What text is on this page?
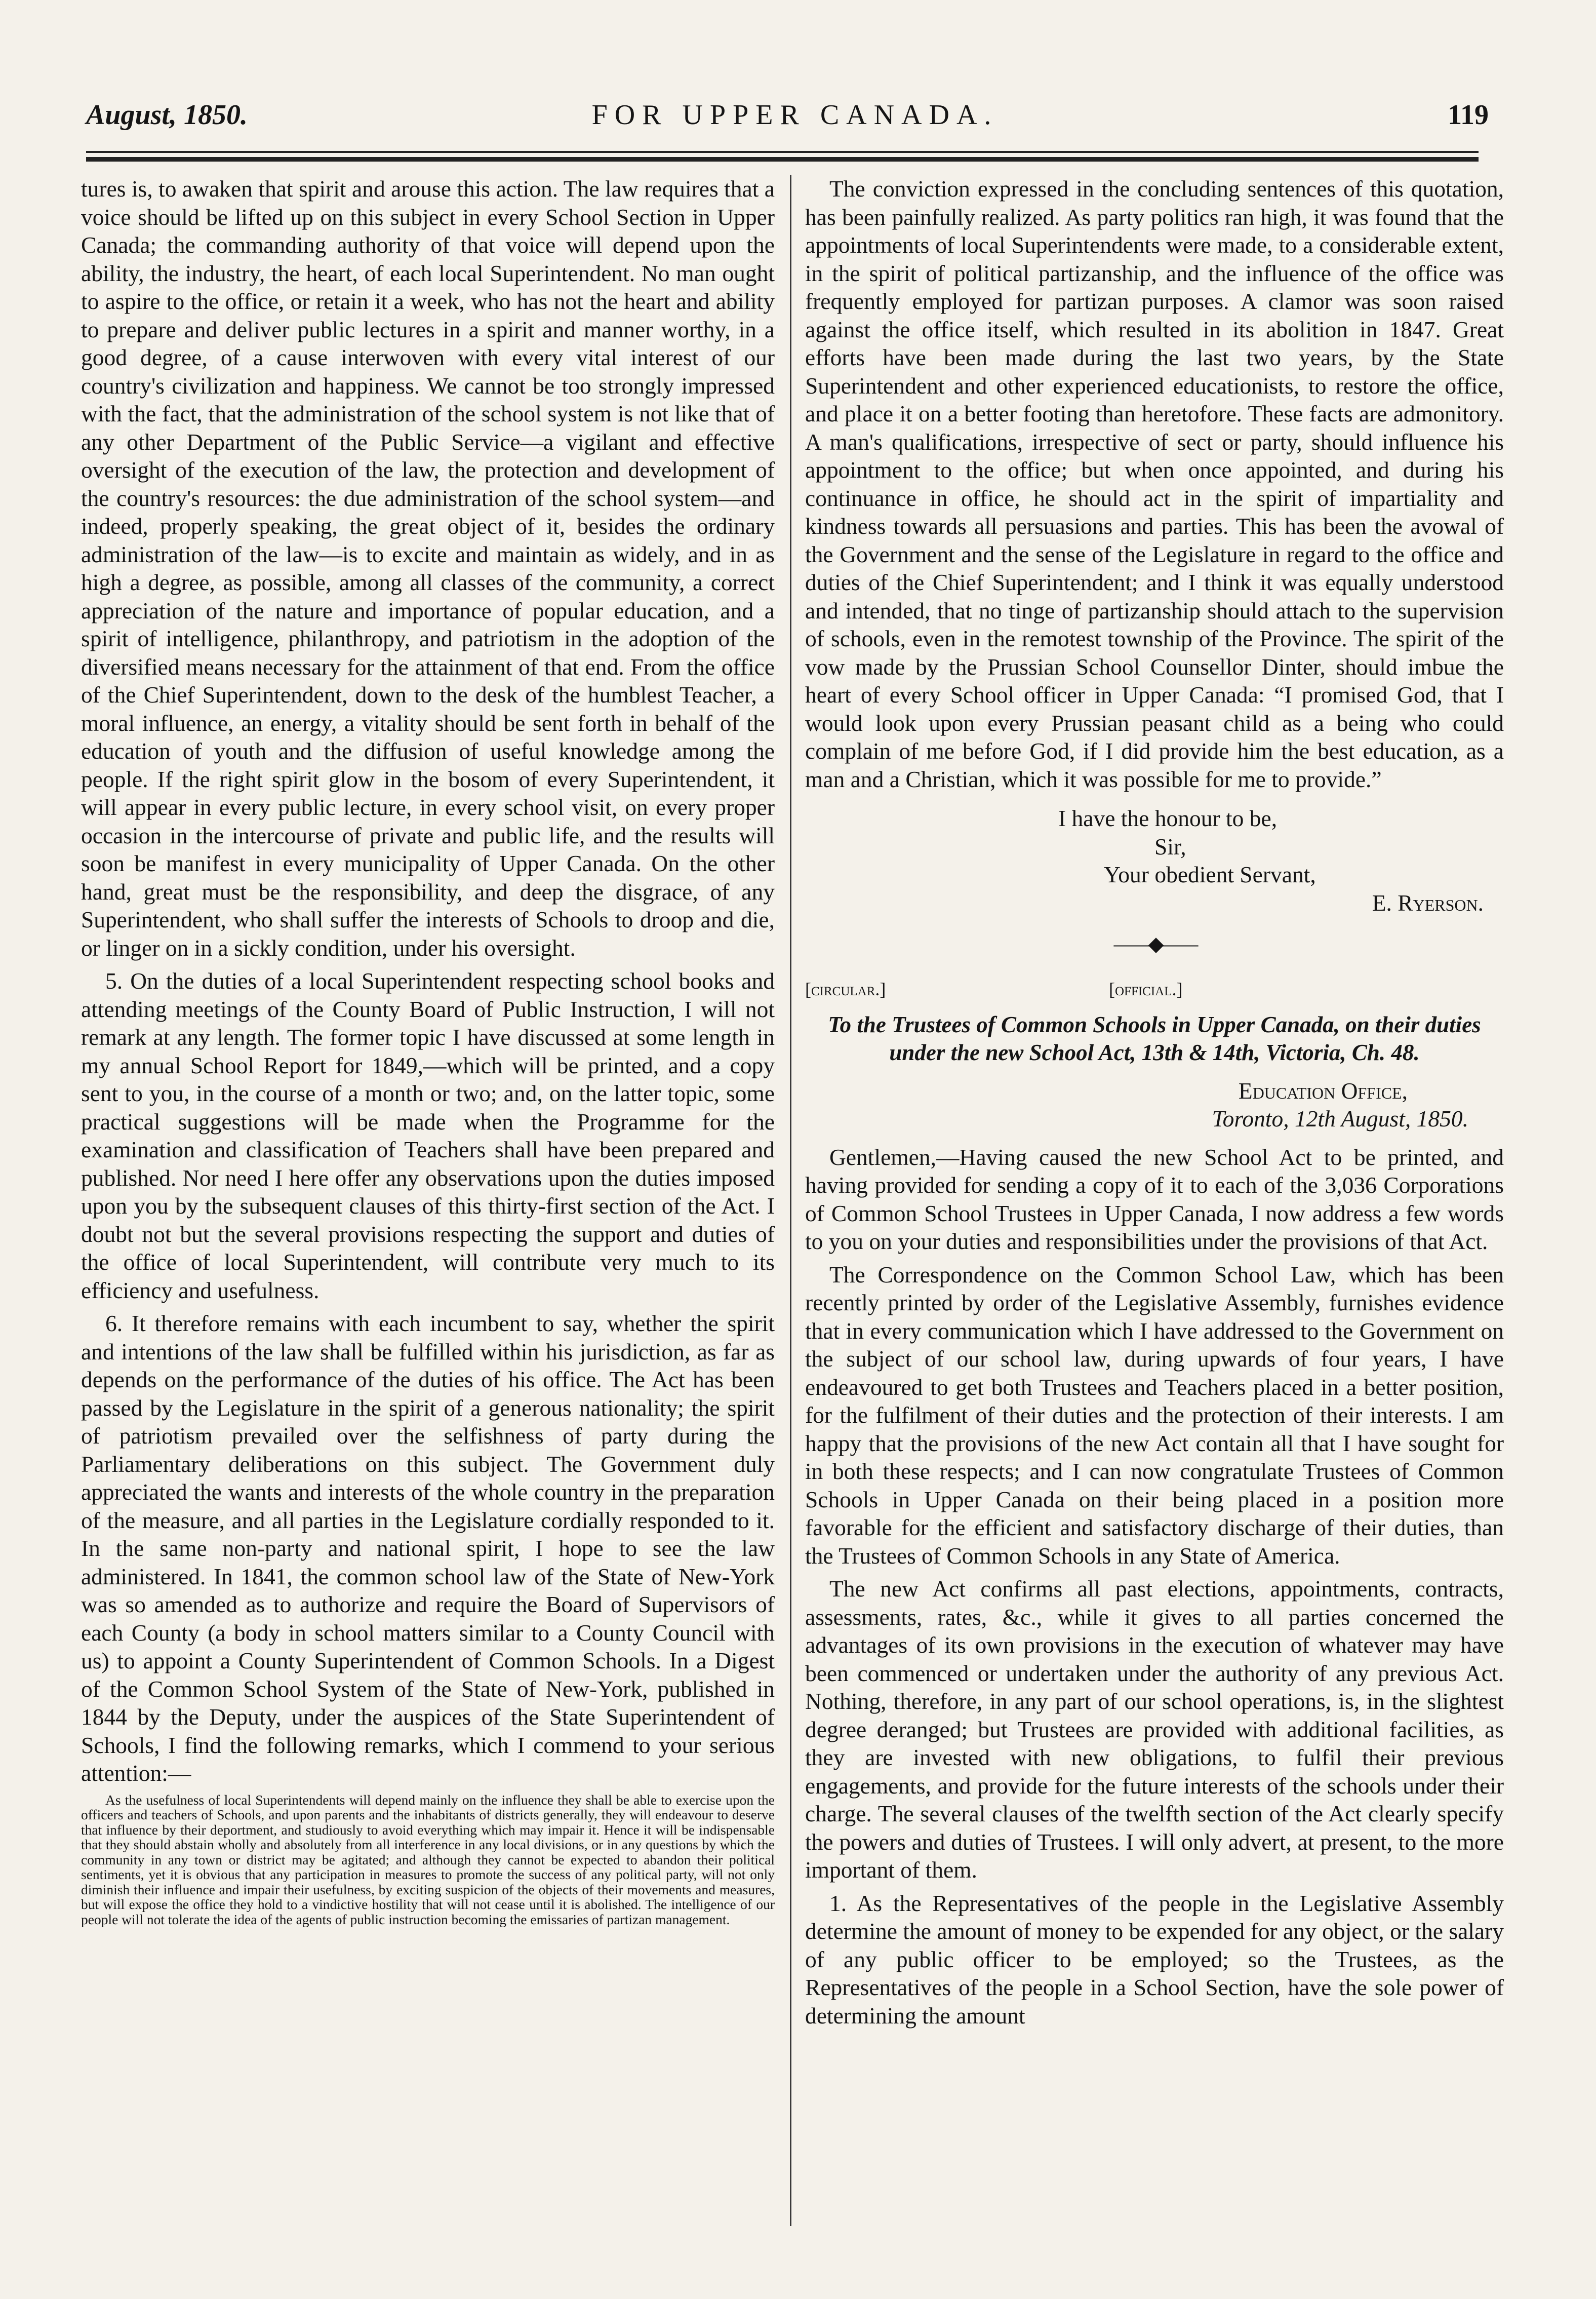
August, 1850.	FOR UPPER CANADA.	119

tures is, to awaken that spirit and arouse this action. The law requires that a voice should be lifted up on this subject in every School Section in Upper Canada; the commanding authority of that voice will depend upon the ability, the industry, the heart, of each local Superintendent. No man ought to aspire to the office, or retain it a week, who has not the heart and ability to prepare and deliver public lectures in a spirit and manner worthy, in a good degree, of a cause interwoven with every vital interest of our country's civilization and happiness. We cannot be too strongly impressed with the fact, that the administration of the school system is not like that of any other Department of the Public Service—a vigilant and effective oversight of the execution of the law, the protection and development of the country's resources: the due administration of the school system—and indeed, properly speaking, the great object of it, besides the ordinary administration of the law—is to excite and maintain as widely, and in as high a degree, as possible, among all classes of the community, a correct appreciation of the nature and importance of popular education, and a spirit of intelligence, philanthropy, and patriotism in the adoption of the diversified means necessary for the attainment of that end. From the office of the Chief Superintendent, down to the desk of the humblest Teacher, a moral influence, an energy, a vitality should be sent forth in behalf of the education of youth and the diffusion of useful knowledge among the people. If the right spirit glow in the bosom of every Superintendent, it will appear in every public lecture, in every school visit, on every proper occasion in the intercourse of private and public life, and the results will soon be manifest in every municipality of Upper Canada. On the other hand, great must be the responsibility, and deep the disgrace, of any Superintendent, who shall suffer the interests of Schools to droop and die, or linger on in a sickly condition, under his oversight.

5. On the duties of a local Superintendent respecting school books and attending meetings of the County Board of Public Instruction, I will not remark at any length. The former topic I have discussed at some length in my annual School Report for 1849,—which will be printed, and a copy sent to you, in the course of a month or two; and, on the latter topic, some practical suggestions will be made when the Programme for the examination and classification of Teachers shall have been prepared and published. Nor need I here offer any observations upon the duties imposed upon you by the subsequent clauses of this thirty-first section of the Act. I doubt not but the several provisions respecting the support and duties of the office of local Superintendent, will contribute very much to its efficiency and usefulness.

6. It therefore remains with each incumbent to say, whether the spirit and intentions of the law shall be fulfilled within his jurisdiction, as far as depends on the performance of the duties of his office. The Act has been passed by the Legislature in the spirit of a generous nationality; the spirit of patriotism prevailed over the selfishness of party during the Parliamentary deliberations on this subject. The Government duly appreciated the wants and interests of the whole country in the preparation of the measure, and all parties in the Legislature cordially responded to it. In the same non-party and national spirit, I hope to see the law administered. In 1841, the common school law of the State of New-York was so amended as to authorize and require the Board of Supervisors of each County (a body in school matters similar to a County Council with us) to appoint a County Superintendent of Common Schools. In a Digest of the Common School System of the State of New-York, published in 1844 by the Deputy, under the auspices of the State Superintendent of Schools, I find the following remarks, which I commend to your serious attention:—

As the usefulness of local Superintendents will depend mainly on the influence they shall be able to exercise upon the officers and teachers of Schools, and upon parents and the inhabitants of districts generally, they will endeavour to deserve that influence by their deportment, and studiously to avoid everything which may impair it. Hence it will be indispensable that they should abstain wholly and absolutely from all interference in any local divisions, or in any questions by which the community in any town or district may be agitated; and although they cannot be expected to abandon their political sentiments, yet it is obvious that any participation in measures to promote the success of any political party, will not only diminish their influence and impair their usefulness, by exciting suspicion of the objects of their movements and measures, but will expose the office they hold to a vindictive hostility that will not cease until it is abolished. The intelligence of our people will not tolerate the idea of the agents of public instruction becoming the emissaries of partizan management.

The conviction expressed in the concluding sentences of this quotation, has been painfully realized. As party politics ran high, it was found that the appointments of local Superintendents were made, to a considerable extent, in the spirit of political partizanship, and the influence of the office was frequently employed for partizan purposes. A clamor was soon raised against the office itself, which resulted in its abolition in 1847. Great efforts have been made during the last two years, by the State Superintendent and other experienced educationists, to restore the office, and place it on a better footing than heretofore. These facts are admonitory. A man's qualifications, irrespective of sect or party, should influence his appointment to the office; but when once appointed, and during his continuance in office, he should act in the spirit of impartiality and kindness towards all persuasions and parties. This has been the avowal of the Government and the sense of the Legislature in regard to the office and duties of the Chief Superintendent; and I think it was equally understood and intended, that no tinge of partizanship should attach to the supervision of schools, even in the remotest township of the Province. The spirit of the vow made by the Prussian School Counsellor Dinter, should imbue the heart of every School officer in Upper Canada: “I promised God, that I would look upon every Prussian peasant child as a being who could complain of me before God, if I did provide him the best education, as a man and a Christian, which it was possible for me to provide.”

I have the honour to be,
Sir,
Your obedient Servant,
E. Ryerson.
——◆——
[circular.]	[official.]
To the Trustees of Common Schools in Upper Canada, on their duties under the new School Act, 13th & 14th, Victoria, Ch. 48.
Education Office,
Toronto, 12th August, 1850.

Gentlemen,—Having caused the new School Act to be printed, and having provided for sending a copy of it to each of the 3,036 Corporations of Common School Trustees in Upper Canada, I now address a few words to you on your duties and responsibilities under the provisions of that Act.

The Correspondence on the Common School Law, which has been recently printed by order of the Legislative Assembly, furnishes evidence that in every communication which I have addressed to the Government on the subject of our school law, during upwards of four years, I have endeavoured to get both Trustees and Teachers placed in a better position, for the fulfilment of their duties and the protection of their interests. I am happy that the provisions of the new Act contain all that I have sought for in both these respects; and I can now congratulate Trustees of Common Schools in Upper Canada on their being placed in a position more favorable for the efficient and satisfactory discharge of their duties, than the Trustees of Common Schools in any State of America.

The new Act confirms all past elections, appointments, contracts, assessments, rates, &c., while it gives to all parties concerned the advantages of its own provisions in the execution of whatever may have been commenced or undertaken under the authority of any previous Act. Nothing, therefore, in any part of our school operations, is, in the slightest degree deranged; but Trustees are provided with additional facilities, as they are invested with new obligations, to fulfil their previous engagements, and provide for the future interests of the schools under their charge. The several clauses of the twelfth section of the Act clearly specify the powers and duties of Trustees. I will only advert, at present, to the more important of them.

1. As the Representatives of the people in the Legislative Assembly determine the amount of money to be expended for any object, or the salary of any public officer to be employed; so the Trustees, as the Representatives of the people in a School Section, have the sole power of determining the amount
